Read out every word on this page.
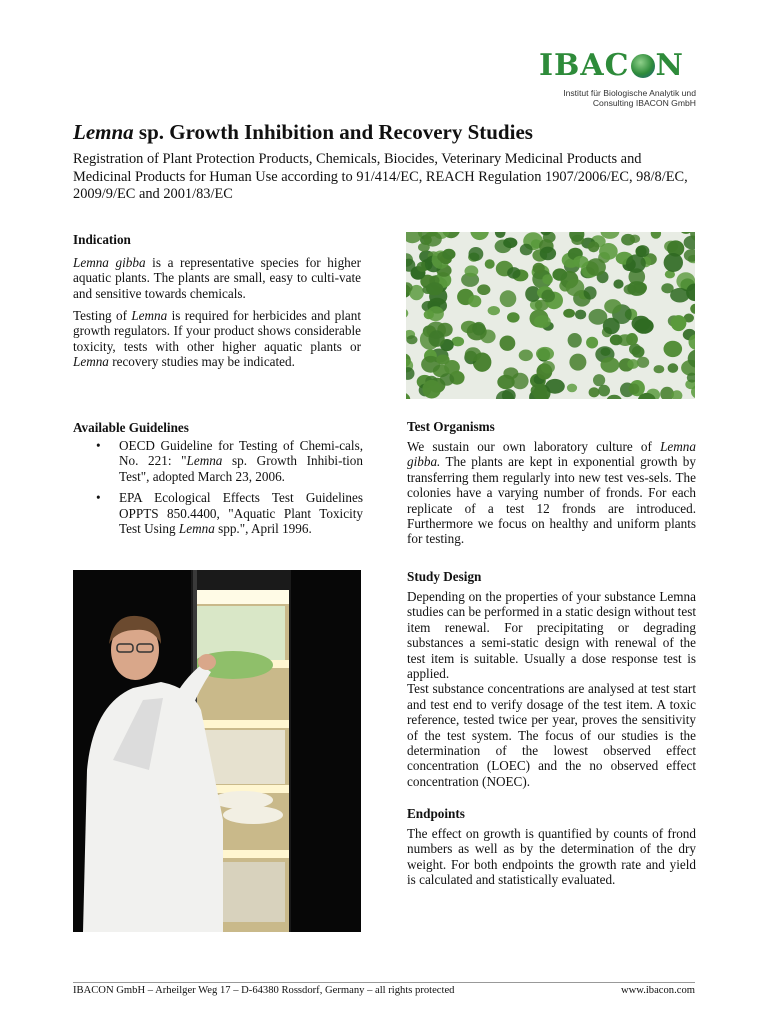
IBAC N
Institut für Biologische Analytik und
Consulting IBACON GmbH
Lemna sp. Growth Inhibition and Recovery Studies
Registration of Plant Protection Products, Chemicals, Biocides, Veterinary Medicinal Products and Medicinal Products for Human Use according to 91/414/EC, REACH Regulation 1907/2006/EC, 98/8/EC, 2009/9/EC and 2001/83/EC
Indication
Lemna gibba is a representative species for higher aquatic plants. The plants are small, easy to culti-vate and sensitive towards chemicals.
Testing of Lemna is required for herbicides and plant growth regulators. If your product shows considerable toxicity, tests with other higher aquatic plants or Lemna recovery studies may be indicated.
Available Guidelines
• OECD Guideline for Testing of Chemi-cals, No. 221: "Lemna sp. Growth Inhibi-tion Test", adopted March 23, 2006.
• EPA Ecological Effects Test Guidelines OPPTS 850.4400, "Aquatic Plant Toxicity Test Using Lemna spp.", April 1996.
Test Organisms
We sustain our own laboratory culture of Lemna gibba. The plants are kept in exponential growth by transferring them regularly into new test ves-sels. The colonies have a varying number of fronds. For each replicate of a test 12 fronds are introduced. Furthermore we focus on healthy and uniform plants for testing.
Study Design
Depending on the properties of your substance Lemna studies can be performed in a static design without test item renewal. For precipitating or degrading substances a semi-static design with renewal of the test item is suitable. Usually a dose response test is applied.
Test substance concentrations are analysed at test start and test end to verify dosage of the test item. A toxic reference, tested twice per year, proves the sensitivity of the test system. The focus of our studies is the determination of the lowest observed effect concentration (LOEC) and the no observed effect concentration (NOEC).
Endpoints
The effect on growth is quantified by counts of frond numbers as well as by the determination of the dry weight. For both endpoints the growth rate and yield is calculated and statistically evaluated.
IBACON GmbH – Arheilger Weg 17 – D-64380 Rossdorf, Germany – all rights protected	www.ibacon.com
